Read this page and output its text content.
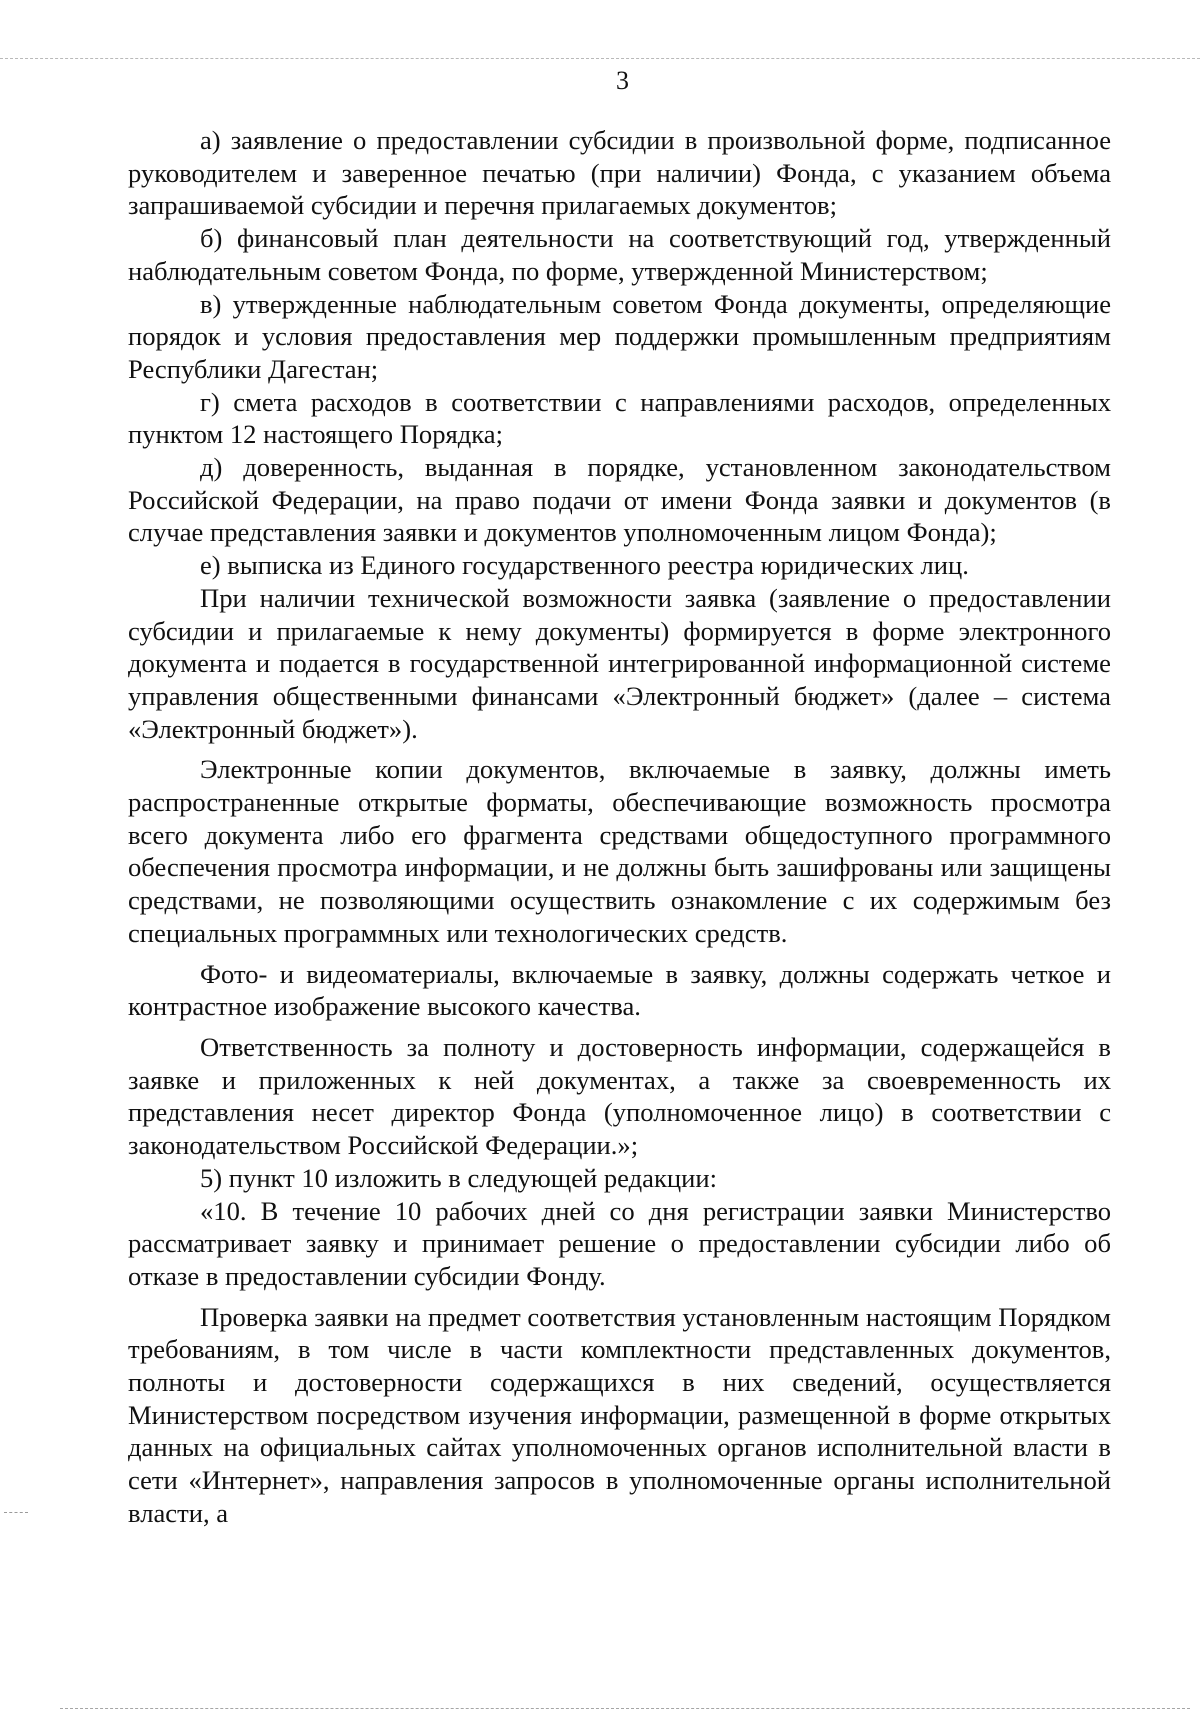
3

а) заявление о предоставлении субсидии в произвольной форме, подписанное руководителем и заверенное печатью (при наличии) Фонда, с указанием объема запрашиваемой субсидии и перечня прилагаемых документов;

б) финансовый план деятельности на соответствующий год, утвержденный наблюдательным советом Фонда, по форме, утвержденной Министерством;

в) утвержденные наблюдательным советом Фонда документы, определяющие порядок и условия предоставления мер поддержки промышленным предприятиям Республики Дагестан;

г) смета расходов в соответствии с направлениями расходов, определенных пунктом 12 настоящего Порядка;

д) доверенность, выданная в порядке, установленном законодательством Российской Федерации, на право подачи от имени Фонда заявки и документов (в случае представления заявки и документов уполномоченным лицом Фонда);

е) выписка из Единого государственного реестра юридических лиц.

При наличии технической возможности заявка (заявление о предоставлении субсидии и прилагаемые к нему документы) формируется в форме электронного документа и подается в государственной интегрированной информационной системе управления общественными финансами «Электронный бюджет» (далее – система «Электронный бюджет»).

Электронные копии документов, включаемые в заявку, должны иметь распространенные открытые форматы, обеспечивающие возможность просмотра всего документа либо его фрагмента средствами общедоступного программного обеспечения просмотра информации, и не должны быть зашифрованы или защищены средствами, не позволяющими осуществить ознакомление с их содержимым без специальных программных или технологических средств.

Фото- и видеоматериалы, включаемые в заявку, должны содержать четкое и контрастное изображение высокого качества.

Ответственность за полноту и достоверность информации, содержащейся в заявке и приложенных к ней документах, а также за своевременность их представления несет директор Фонда (уполномоченное лицо) в соответствии с законодательством Российской Федерации.»;

5) пункт 10 изложить в следующей редакции:

«10. В течение 10 рабочих дней со дня регистрации заявки Министерство рассматривает заявку и принимает решение о предоставлении субсидии либо об отказе в предоставлении субсидии Фонду.

Проверка заявки на предмет соответствия установленным настоящим Порядком требованиям, в том числе в части комплектности представленных документов, полноты и достоверности содержащихся в них сведений, осуществляется Министерством посредством изучения информации, размещенной в форме открытых данных на официальных сайтах уполномоченных органов исполнительной власти в сети «Интернет», направления запросов в уполномоченные органы исполнительной власти, а
